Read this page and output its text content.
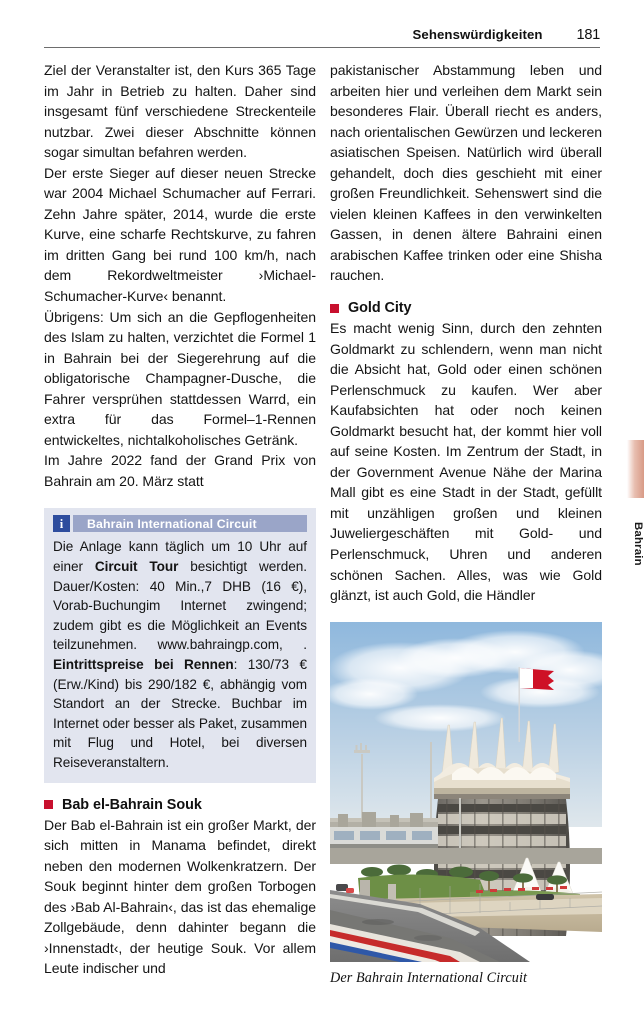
Sehenswürdigkeiten 181

Ziel der Veranstalter ist, den Kurs 365 Tage im Jahr in Betrieb zu halten. Daher sind insgesamt fünf verschiedene Streckenteile nutzbar. Zwei dieser Abschnitte können sogar simultan befahren werden.

Der erste Sieger auf dieser neuen Strecke war 2004 Michael Schumacher auf Ferrari. Zehn Jahre später, 2014, wurde die erste Kurve, eine scharfe Rechtskurve, zu fahren im dritten Gang bei rund 100 km/h, nach dem Rekordweltmeister ›Michael-Schumacher-Kurve‹ benannt.

Übrigens: Um sich an die Gepflogenheiten des Islam zu halten, verzichtet die Formel 1 in Bahrain bei der Siegerehrung auf die obligatorische Champagner-Dusche, die Fahrer versprühen stattdessen Warrd, ein extra für das Formel–1-Rennen entwickeltes, nichtalkoholisches Getränk.

Im Jahre 2022 fand der Grand Prix von Bahrain am 20. März statt

i	Bahrain International Circuit

Die Anlage kann täglich um 10 Uhr auf einer Circuit Tour besichtigt werden. Dauer/Kosten: 40 Min.,7 DHB (16 €), Vorab-Buchungim Internet zwingend; zudem gibt es die Möglichkeit an Events teilzunehmen. www.bahraingp.com, . Eintrittspreise bei Rennen: 130/73 € (Erw./Kind) bis 290/182 €, abhängig vom Standort an der Strecke. Buchbar im Internet oder besser als Paket, zusammen mit Flug und Hotel, bei diversen Reiseveranstaltern.

Bab el-Bahrain Souk

Der Bab el-Bahrain ist ein großer Markt, der sich mitten in Manama befindet, direkt neben den modernen Wolkenkratzern. Der Souk beginnt hinter dem großen Torbogen des ›Bab Al-Bahrain‹, das ist das ehemalige Zollgebäude, denn dahinter begann die ›Innenstadt‹, der heutige Souk. Vor allem Leute indischer und

pakistanischer Abstammung leben und arbeiten hier und verleihen dem Markt sein besonderes Flair. Überall riecht es anders, nach orientalischen Gewürzen und leckeren asiatischen Speisen. Natürlich wird überall gehandelt, doch dies geschieht mit einer großen Freundlichkeit. Sehenswert sind die vielen kleinen Kaffees in den verwinkelten Gassen, in denen ältere Bahraini einen arabischen Kaffee trinken oder eine Shisha rauchen.

Gold City

Es macht wenig Sinn, durch den zehnten Goldmarkt zu schlendern, wenn man nicht die Absicht hat, Gold oder einen schönen Perlenschmuck zu kaufen. Wer aber Kaufabsichten hat oder noch keinen Goldmarkt besucht hat, der kommt hier voll auf seine Kosten. Im Zentrum der Stadt, in der Government Avenue Nähe der Marina Mall gibt es eine Stadt in der Stadt, gefüllt mit unzähligen großen und kleinen Juweliergeschäften mit Gold- und Perlenschmuck, Uhren und anderen schönen Sachen. Alles, was wie Gold glänzt, ist auch Gold, die Händler

Der Bahrain International Circuit
Bahrain
